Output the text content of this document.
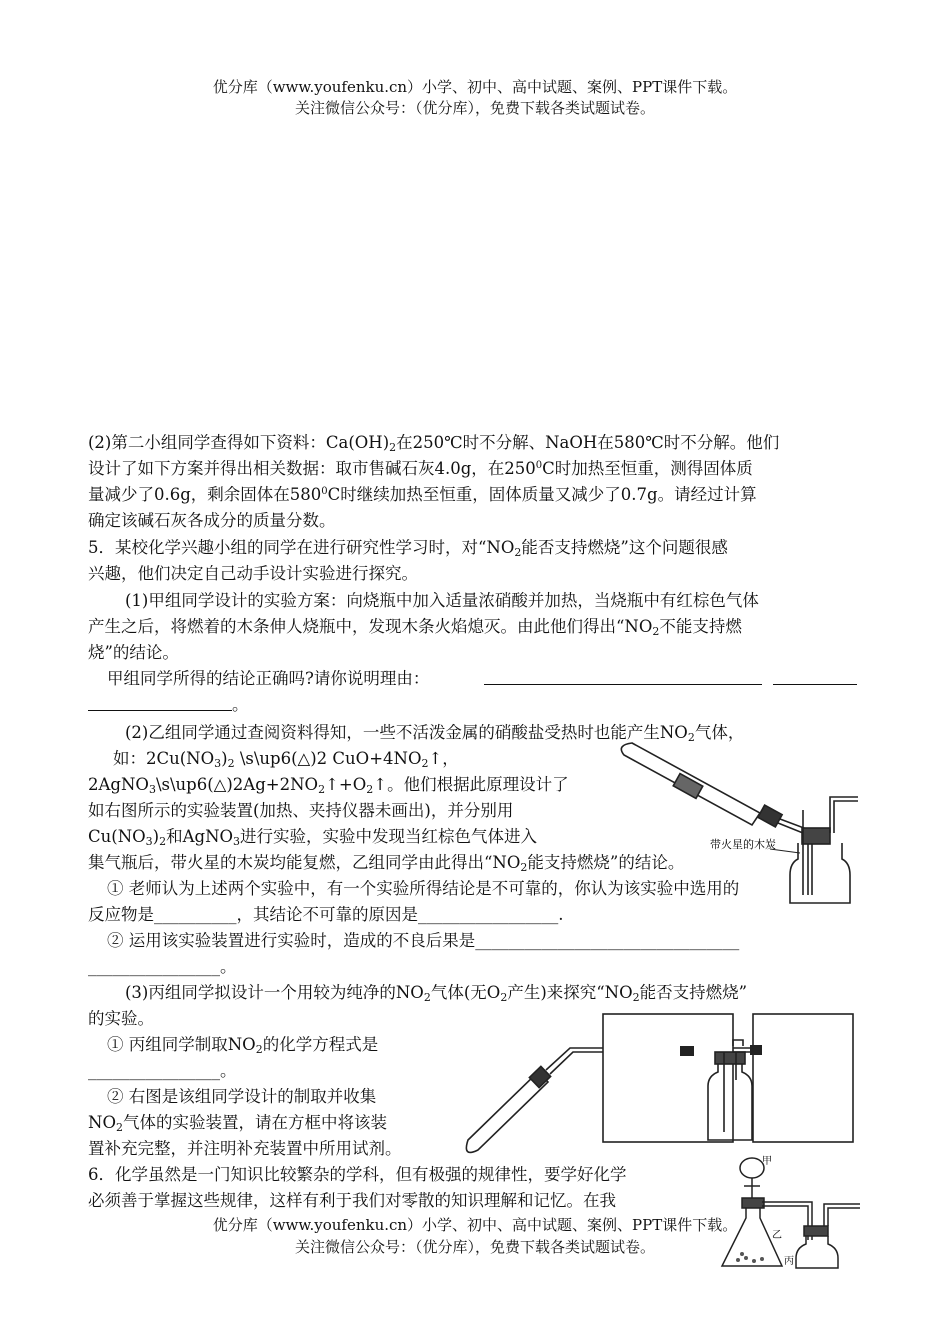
优分库（www.youfenku.cn）小学、初中、高中试题、案例、PPT课件下载。
关注微信公众号：（优分库），免费下载各类试题试卷。
(2)第二小组同学查得如下资料：$Ca(OH)_2$在250℃时不分解、NaOH在580℃时不分解。他们
设计了如下方案并得出相关数据：取市售碱石灰4.0g，在$250^0C$时加热至恒重，测得固体质
量减少了0.6g，剩余固体在$580^0C$时继续加热至恒重，固体质量又减少了0.7g。请经过计算
确定该碱石灰各成分的质量分数。
5．某校化学兴趣小组的同学在进行研究性学习时，对“$NO_2$能否支持燃烧”这个问题很感
兴趣，他们决定自己动手设计实验进行探究。
(1)甲组同学设计的实验方案：向烧瓶中加入适量浓硝酸并加热，当烧瓶中有红棕色气体
产生之后，将燃着的木条伸人烧瓶中，发现木条火焰熄灭。由此他们得出“$NO_2$不能支持燃
烧”的结论。
甲组同学所得的结论正确吗?请你说明理由：
。
(2)乙组同学通过查阅资料得知，一些不活泼金属的硝酸盐受热时也能产生$NO_2$气体，
如：$2Cu(NO_3)_2$ \s\up6(△)2 $CuO+4NO_2↑$，
$2AgNO_3\backslash s\backslash up6(\triangle)2Ag+2NO_2↑+O_2↑$。他们根据此原理设计了
如右图所示的实验装置(加热、夹持仪器未画出)，并分别用
$Cu(NO_3)_2$和AgNO$_3$进行实验，实验中发现当红棕色气体进入
集气瓶后，带火星的木炭均能复燃，乙组同学由此得出“$NO_2$能支持燃烧”的结论。
① 老师认为上述两个实验中，有一个实验所得结论是不可靠的，你认为该实验中选用的
反应物是__________，其结论不可靠的原因是_________________.
② 运用该实验装置进行实验时，造成的不良后果是________________________________
________________。
(3)丙组同学拟设计一个用较为纯净的$NO_2$气体(无$O_2$产生)来探究“$NO_2$能否支持燃烧”
的实验。
① 丙组同学制取$NO_2$的化学方程式是
________________。
② 右图是该组同学设计的制取并收集
$NO_2$气体的实验装置，请在方框中将该装
置补充完整，并注明补充装置中所用试剂。
6．化学虽然是一门知识比较繁杂的学科，但有极强的规律性，要学好化学
必须善于掌握这些规律，这样有利于我们对零散的知识理解和记忆。在我
优分库（www.youfenku.cn）小学、初中、高中试题、案例、PPT课件下载。
关注微信公众号：（优分库），免费下载各类试题试卷。
带火星的木炭
甲
乙
丙
